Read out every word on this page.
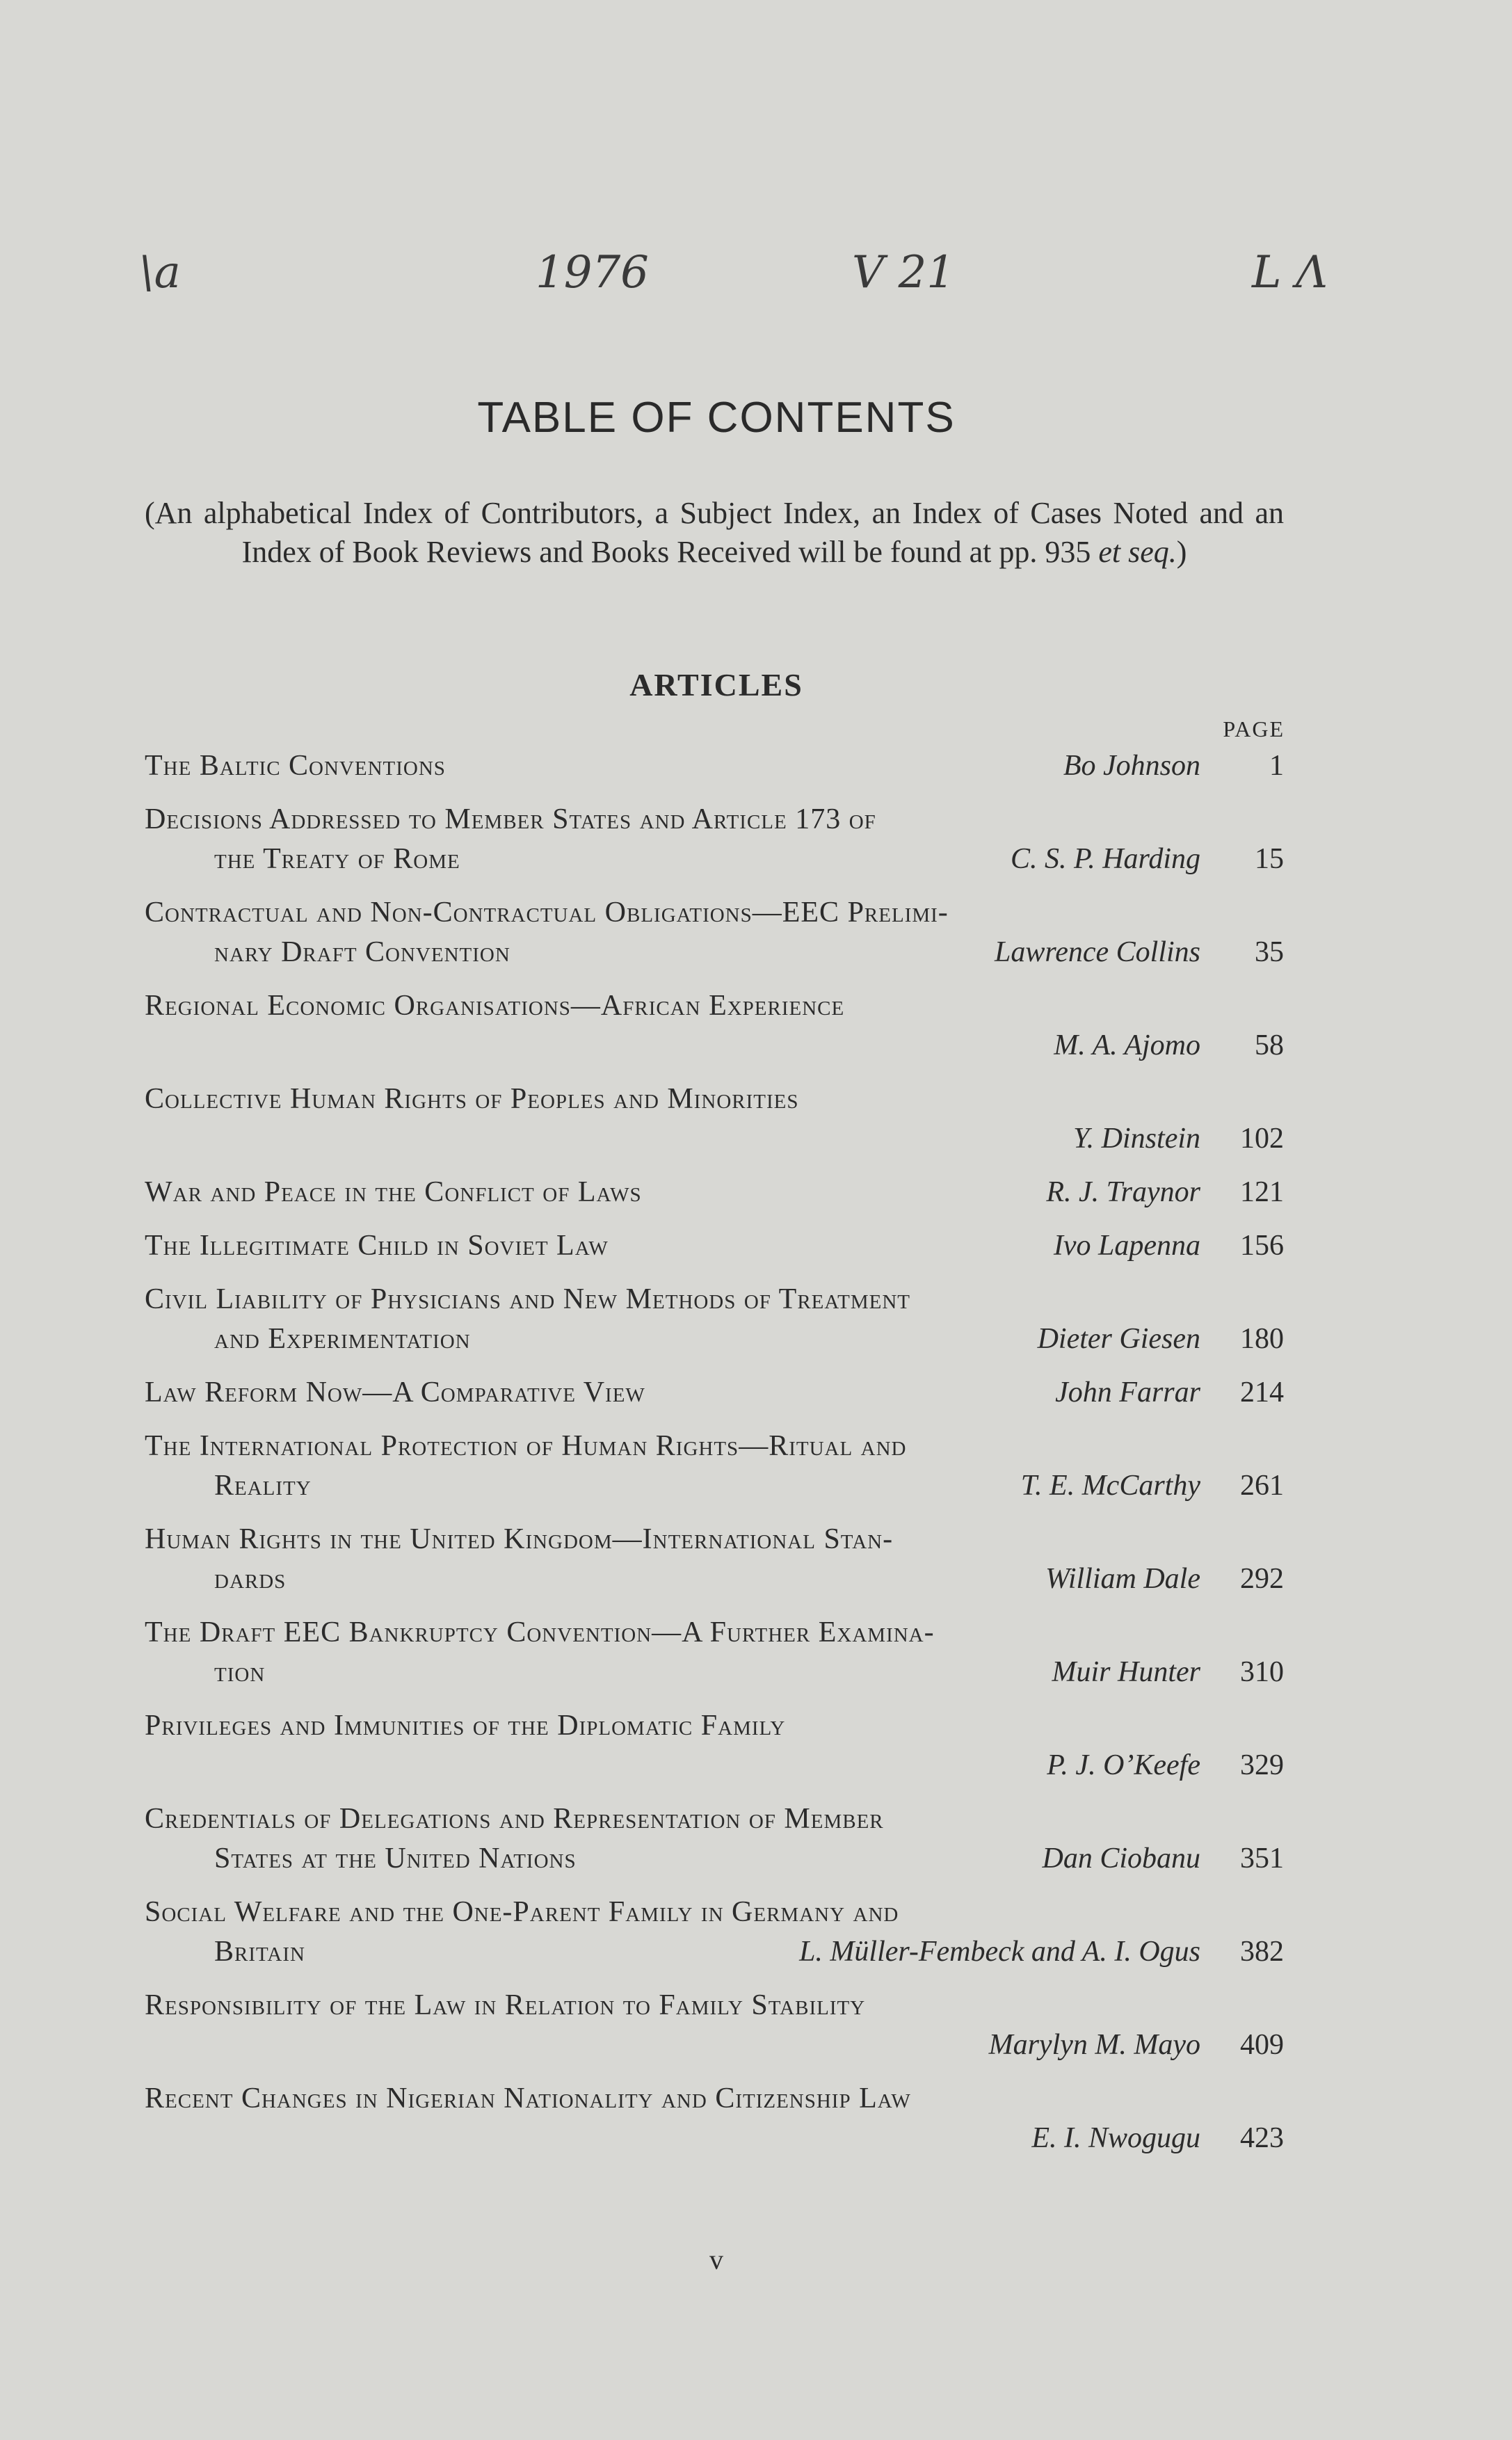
\a	1976	V 21	L Λ
TABLE OF CONTENTS
(An alphabetical Index of Contributors, a Subject Index, an Index of Cases Noted and an Index of Book Reviews and Books Received will be found at pp. 935 et seq.)
ARTICLES
PAGE
The Baltic Conventions	Bo Johnson	1
Decisions Addressed to Member States and Article 173 of
the Treaty of Rome	C. S. P. Harding	15
Contractual and Non-Contractual Obligations—EEC Prelimi-
nary Draft Convention	Lawrence Collins	35
Regional Economic Organisations—African Experience
M. A. Ajomo	58
Collective Human Rights of Peoples and Minorities
Y. Dinstein	102
War and Peace in the Conflict of Laws	R. J. Traynor	121
The Illegitimate Child in Soviet Law	Ivo Lapenna	156
Civil Liability of Physicians and New Methods of Treatment
and Experimentation	Dieter Giesen	180
Law Reform Now—A Comparative View	John Farrar	214
The International Protection of Human Rights—Ritual and
Reality	T. E. McCarthy	261
Human Rights in the United Kingdom—International Stan-
dards	William Dale	292
The Draft EEC Bankruptcy Convention—A Further Examina-
tion	Muir Hunter	310
Privileges and Immunities of the Diplomatic Family
P. J. O’Keefe	329
Credentials of Delegations and Representation of Member
States at the United Nations	Dan Ciobanu	351
Social Welfare and the One-Parent Family in Germany and
Britain	L. Müller-Fembeck and A. I. Ogus	382
Responsibility of the Law in Relation to Family Stability
Marylyn M. Mayo	409
Recent Changes in Nigerian Nationality and Citizenship Law
E. I. Nwogugu	423
v
